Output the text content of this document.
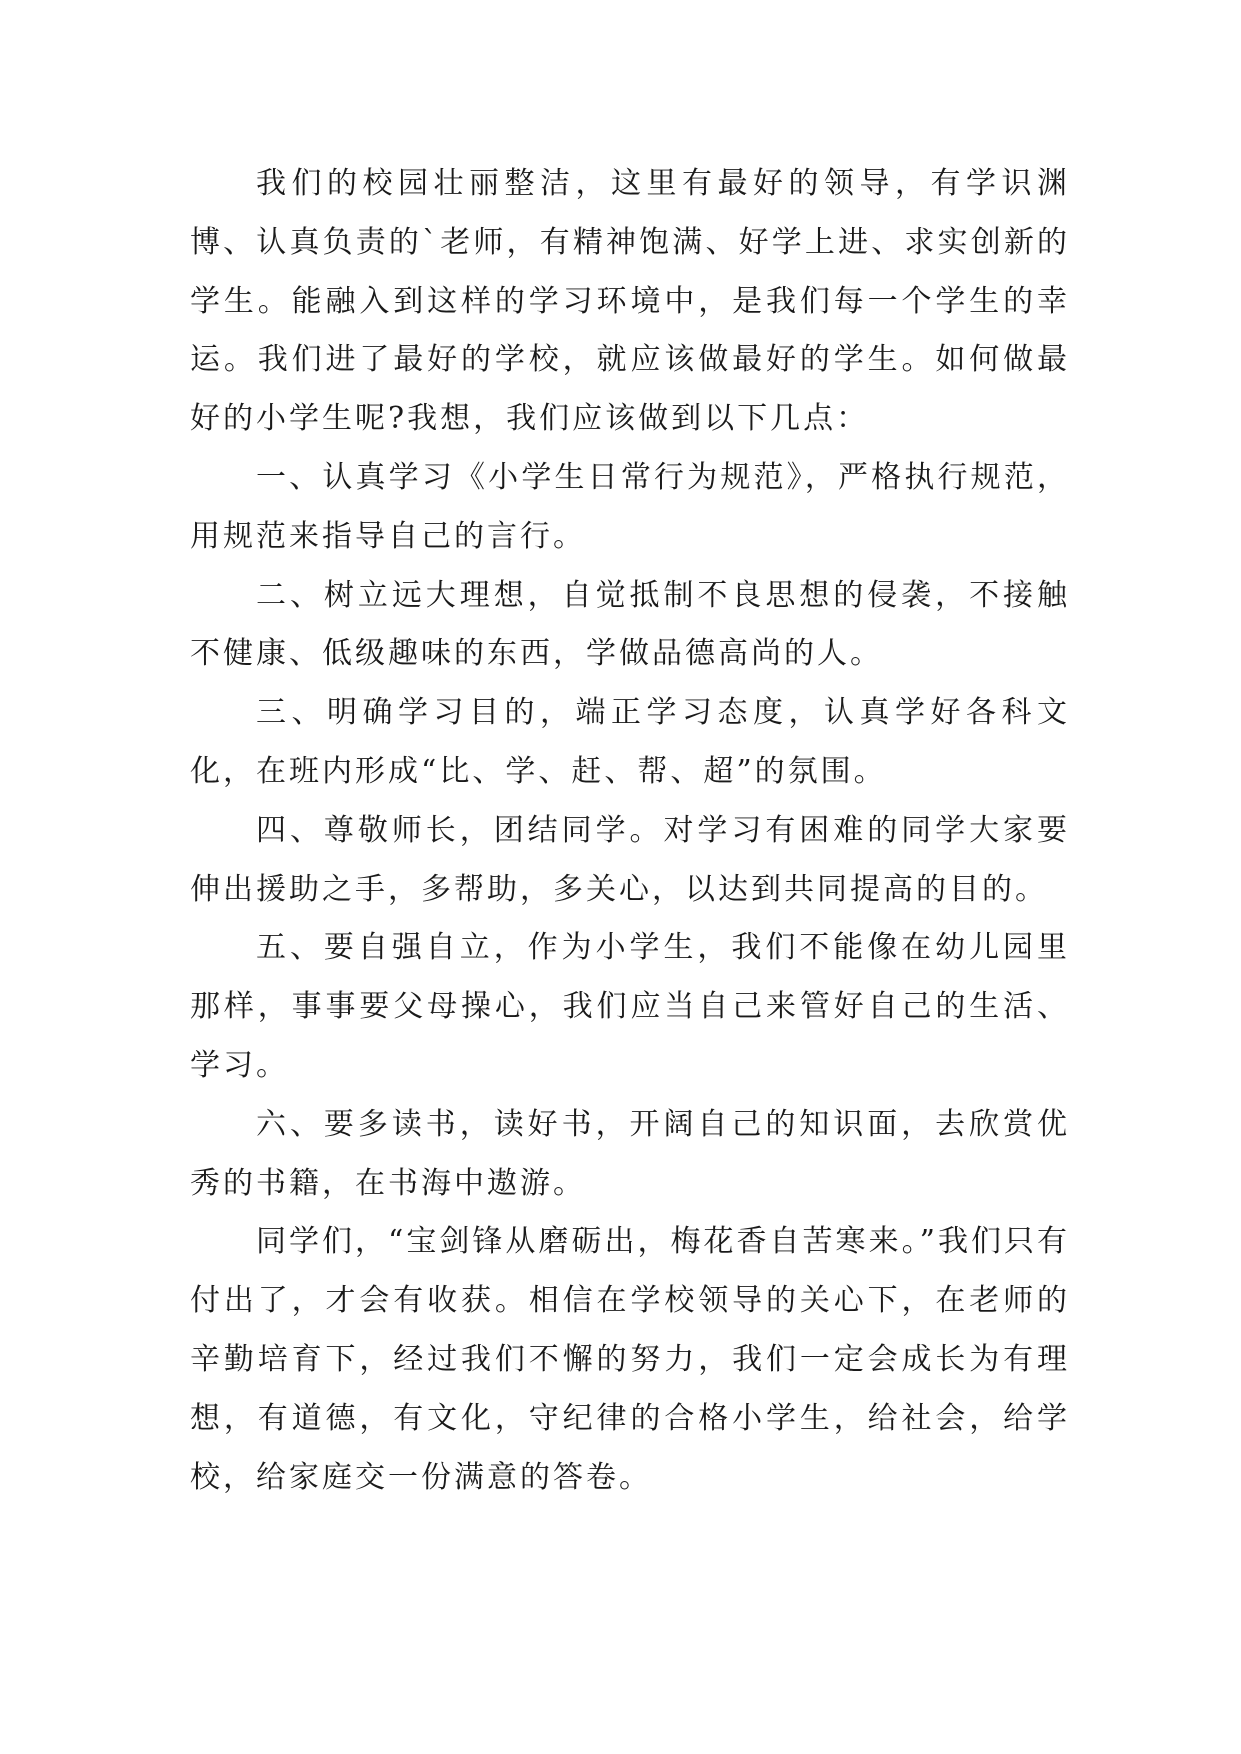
我们的校园壮丽整洁，这里有最好的领导，有学识渊博、认真负责的`老师，有精神饱满、好学上进、求实创新的学生。能融入到这样的学习环境中，是我们每一个学生的幸运。我们进了最好的学校，就应该做最好的学生。如何做最好的小学生呢?我想，我们应该做到以下几点：

一、认真学习《小学生日常行为规范》，严格执行规范，用规范来指导自己的言行。

二、树立远大理想，自觉抵制不良思想的侵袭，不接触不健康、低级趣味的东西，学做品德高尚的人。

三、明确学习目的，端正学习态度，认真学好各科文化，在班内形成“比、学、赶、帮、超”的氛围。

四、尊敬师长，团结同学。对学习有困难的同学大家要伸出援助之手，多帮助，多关心，以达到共同提高的目的。

五、要自强自立，作为小学生，我们不能像在幼儿园里那样，事事要父母操心，我们应当自己来管好自己的生活、学习。

六、要多读书，读好书，开阔自己的知识面，去欣赏优秀的书籍，在书海中遨游。

同学们，“宝剑锋从磨砺出，梅花香自苦寒来。”我们只有付出了，才会有收获。相信在学校领导的关心下，在老师的辛勤培育下，经过我们不懈的努力，我们一定会成长为有理想，有道德，有文化，守纪律的合格小学生，给社会，给学校，给家庭交一份满意的答卷。
